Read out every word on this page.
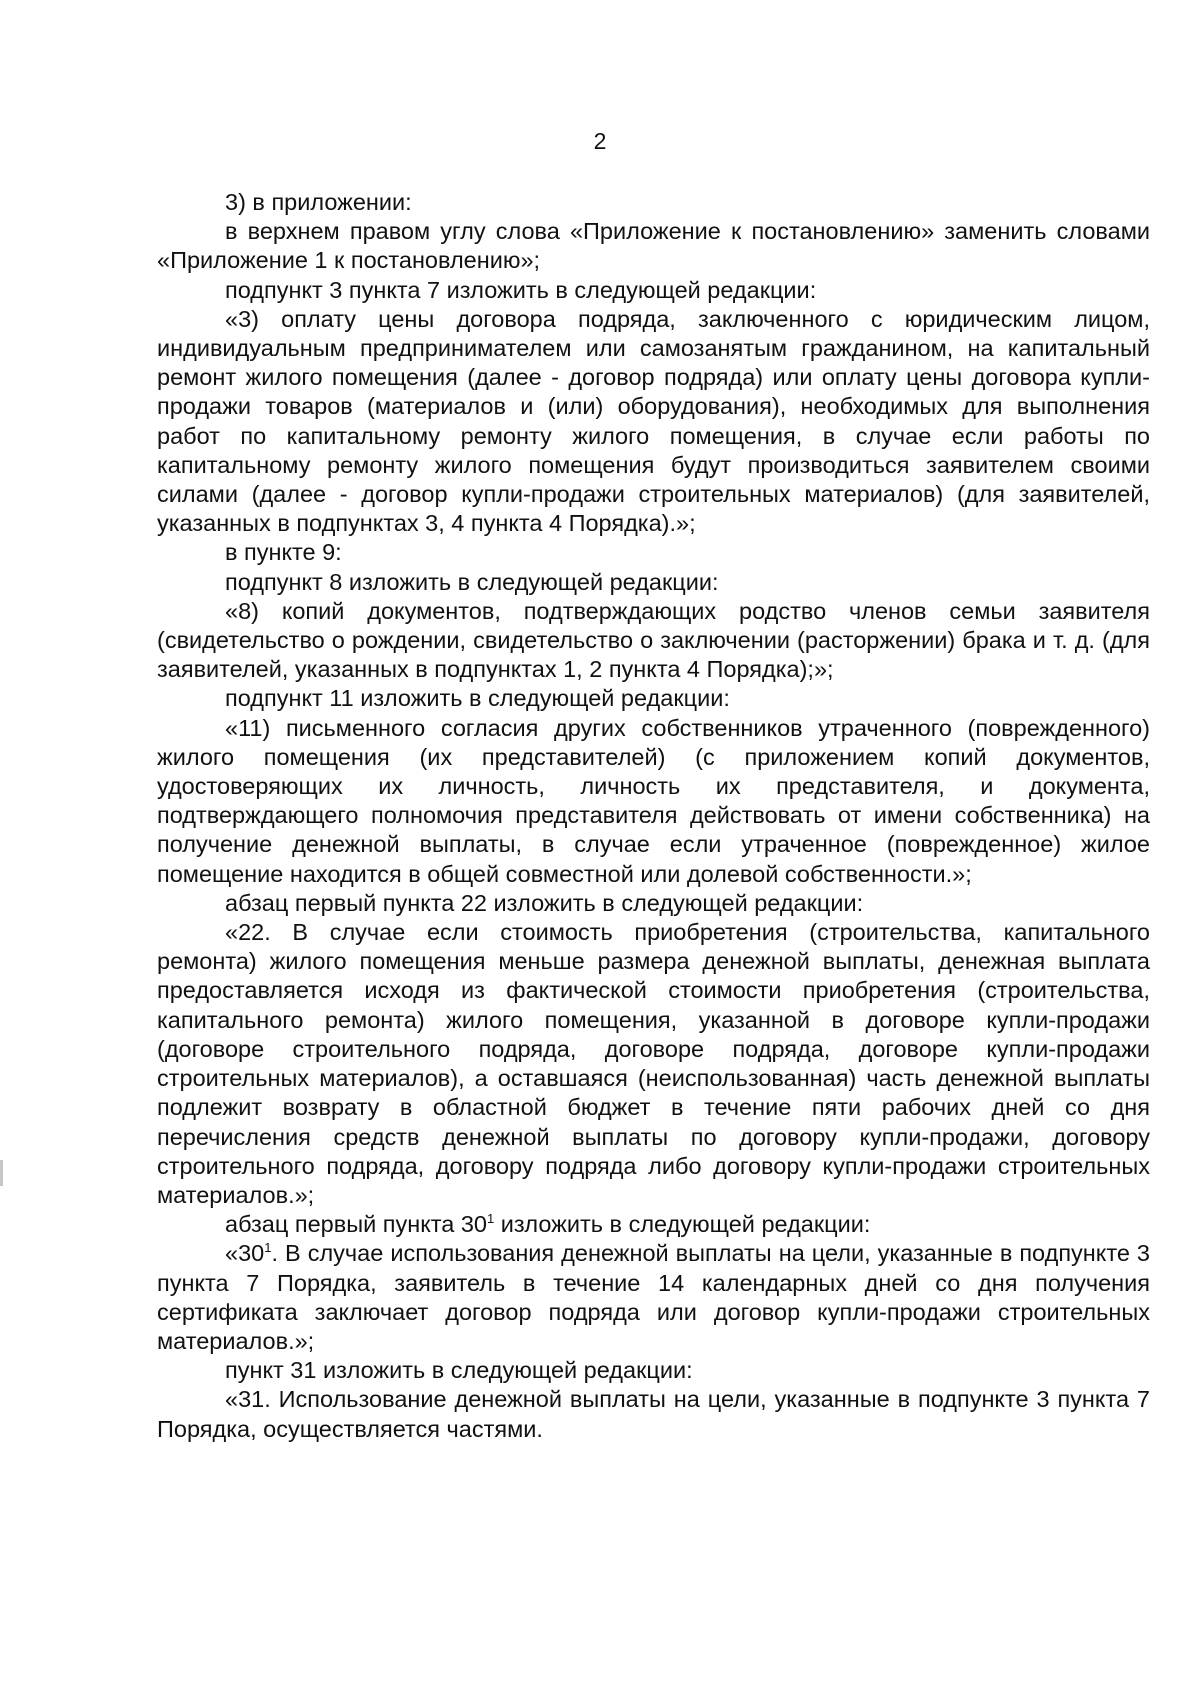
2

3) в приложении:

в верхнем правом углу слова «Приложение к постановлению» заменить словами «Приложение 1 к постановлению»;

подпункт 3 пункта 7 изложить в следующей редакции:

«3) оплату цены договора подряда, заключенного с юридическим лицом, индивидуальным предпринимателем или самозанятым гражданином, на капитальный ремонт жилого помещения (далее - договор подряда) или оплату цены договора купли-продажи товаров (материалов и (или) оборудования), необходимых для выполнения работ по капитальному ремонту жилого помещения, в случае если работы по капитальному ремонту жилого помещения будут производиться заявителем своими силами (далее - договор купли-продажи строительных материалов) (для заявителей, указанных в подпунктах 3, 4 пункта 4 Порядка).»;

в пункте 9:

подпункт 8 изложить в следующей редакции:

«8) копий документов, подтверждающих родство членов семьи заявителя (свидетельство о рождении, свидетельство о заключении (расторжении) брака и т. д. (для заявителей, указанных в подпунктах 1, 2 пункта 4 Порядка);»;

подпункт 11 изложить в следующей редакции:

«11) письменного согласия других собственников утраченного (поврежденного) жилого помещения (их представителей) (с приложением копий документов, удостоверяющих их личность, личность их представителя, и документа, подтверждающего полномочия представителя действовать от имени собственника) на получение денежной выплаты, в случае если утраченное (поврежденное) жилое помещение находится в общей совместной или долевой собственности.»;

абзац первый пункта 22 изложить в следующей редакции:

«22. В случае если стоимость приобретения (строительства, капитального ремонта) жилого помещения меньше размера денежной выплаты, денежная выплата предоставляется исходя из фактической стоимости приобретения (строительства, капитального ремонта) жилого помещения, указанной в договоре купли-продажи (договоре строительного подряда, договоре подряда, договоре купли-продажи строительных материалов), а оставшаяся (неиспользованная) часть денежной выплаты подлежит возврату в областной бюджет в течение пяти рабочих дней со дня перечисления средств денежной выплаты по договору купли-продажи, договору строительного подряда, договору подряда либо договору купли-продажи строительных материалов.»;

абзац первый пункта $30^1$ изложить в следующей редакции:

«$30^1$. В случае использования денежной выплаты на цели, указанные в подпункте 3 пункта 7 Порядка, заявитель в течение 14 календарных дней со дня получения сертификата заключает договор подряда или договор купли-продажи строительных материалов.»;

пункт 31 изложить в следующей редакции:

«31. Использование денежной выплаты на цели, указанные в подпункте 3 пункта 7 Порядка, осуществляется частями.
